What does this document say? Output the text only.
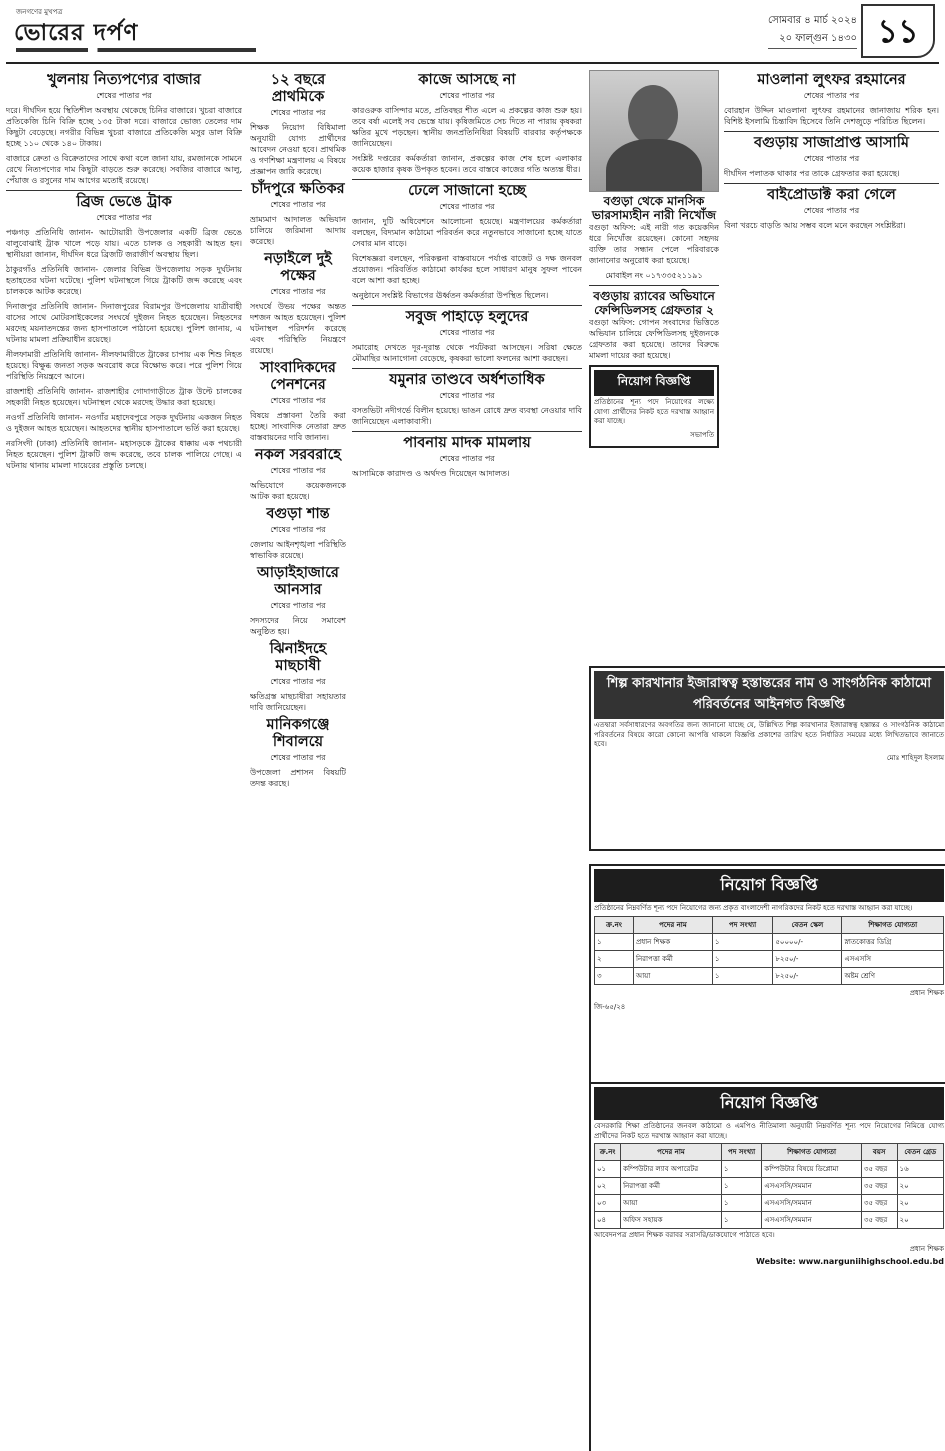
জনগণের মুখপত্র
ভোরের দর্পণ	সোমবার ৪ মার্চ ২০২৪
২০ ফাল্গুন ১৪৩০ ১১
খুলনায় নিত্যপণ্যের বাজার
শেষের পাতার পর

দরে। দীর্ঘদিন হয়ে স্থিতিশীল অবস্থায় থেকেছে চিনির বাজারে। খুচরা বাজারে প্রতিকেজি চিনি বিক্রি হচ্ছে ১৩৫ টাকা দরে। বাজারে ভোজ্য তেলের দাম কিছুটা বেড়েছে। নগরীর বিভিন্ন খুচরা বাজারে প্রতিকেজি মসুর ডাল বিক্রি হচ্ছে ১১০ থেকে ১৪০ টাকায়।

বাজারে ক্রেতা ও বিক্রেতাদের সাথে কথা বলে জানা যায়, রমজানকে সামনে রেখে নিত্যপণ্যের দাম কিছুটা বাড়তে শুরু করেছে। সবজির বাজারে আলু, পেঁয়াজ ও রসুনের দাম আগের মতোই রয়েছে।

ব্রিজ ভেঙে ট্রাক
শেষের পাতার পর

পঞ্চগড় প্রতিনিধি জানান- আটোয়ারী উপজেলার একটি ব্রিজ ভেঙে বালুবোঝাই ট্রাক খালে পড়ে যায়। এতে চালক ও সহকারী আহত হন। স্থানীয়রা জানান, দীর্ঘদিন ধরে ব্রিজটি জরাজীর্ণ অবস্থায় ছিল।

ঠাকুরগাঁও প্রতিনিধি জানান- জেলার বিভিন্ন উপজেলায় সড়ক দুর্ঘটনায় হতাহতের ঘটনা ঘটেছে। পুলিশ ঘটনাস্থলে গিয়ে ট্রাকটি জব্দ করেছে এবং চালককে আটক করেছে।

দিনাজপুর প্রতিনিধি জানান- দিনাজপুরের বিরামপুর উপজেলায় যাত্রীবাহী বাসের সাথে মোটরসাইকেলের সংঘর্ষে দুইজন নিহত হয়েছেন। নিহতদের মরদেহ ময়নাতদন্তের জন্য হাসপাতালে পাঠানো হয়েছে। পুলিশ জানায়, এ ঘটনায় মামলা প্রক্রিয়াধীন রয়েছে।

নীলফামারী প্রতিনিধি জানান- নীলফামারীতে ট্রাকের চাপায় এক শিশু নিহত হয়েছে। বিক্ষুব্ধ জনতা সড়ক অবরোধ করে বিক্ষোভ করে। পরে পুলিশ গিয়ে পরিস্থিতি নিয়ন্ত্রণে আনে।

রাজশাহী প্রতিনিধি জানান- রাজশাহীর গোদাগাড়ীতে ট্রাক উল্টে চালকের সহকারী নিহত হয়েছেন। ঘটনাস্থল থেকে মরদেহ উদ্ধার করা হয়েছে।

নওগাঁ প্রতিনিধি জানান- নওগাঁর মহাদেবপুরে সড়ক দুর্ঘটনায় একজন নিহত ও দুইজন আহত হয়েছেন। আহতদের স্থানীয় হাসপাতালে ভর্তি করা হয়েছে।

নরসিংদী (ঢাকা) প্রতিনিধি জানান- মহাসড়কে ট্রাকের ধাক্কায় এক পথচারী নিহত হয়েছেন। পুলিশ ট্রাকটি জব্দ করেছে, তবে চালক পালিয়ে গেছে। এ ঘটনায় থানায় মামলা দায়েরের প্রস্তুতি চলছে।

১২ বছরে প্রাথমিকে
শেষের পাতার পর

শিক্ষক নিয়োগ বিধিমালা অনুযায়ী যোগ্য প্রার্থীদের আবেদন নেওয়া হবে। প্রাথমিক ও গণশিক্ষা মন্ত্রণালয় এ বিষয়ে প্রজ্ঞাপন জারি করেছে।

চাঁদপুরে ক্ষতিকর
শেষের পাতার পর

ভ্রাম্যমাণ আদালত অভিযান চালিয়ে জরিমানা আদায় করেছে।

নড়াইলে দুই পক্ষের
শেষের পাতার পর

সংঘর্ষে উভয় পক্ষের অন্তত দশজন আহত হয়েছেন। পুলিশ ঘটনাস্থল পরিদর্শন করেছে এবং পরিস্থিতি নিয়ন্ত্রণে রয়েছে।

সাংবাদিকদের পেনশনের
শেষের পাতার পর

বিষয়ে প্রস্তাবনা তৈরি করা হচ্ছে। সাংবাদিক নেতারা দ্রুত বাস্তবায়নের দাবি জানান।

নকল সরবরাহে
শেষের পাতার পর

অভিযোগে কয়েকজনকে আটক করা হয়েছে।

বগুড়া শান্ত
শেষের পাতার পর

জেলায় আইনশৃঙ্খলা পরিস্থিতি স্বাভাবিক রয়েছে।

আড়াইহাজারে আনসার
শেষের পাতার পর

সদস্যদের নিয়ে সমাবেশ অনুষ্ঠিত হয়।

ঝিনাইদহে মাছচাষী
শেষের পাতার পর

ক্ষতিগ্রস্ত মাছচাষীরা সহায়তার দাবি জানিয়েছেন।

মানিকগঞ্জে শিবালয়ে
শেষের পাতার পর

উপজেলা প্রশাসন বিষয়টি তদন্ত করছে।

কাজে আসছে না
শেষের পাতার পর

কারওরুক বাসিন্দার মতে, প্রতিবছর শীত এলে এ প্রকল্পের কাজ শুরু হয়। তবে বর্ষা এলেই সব ভেস্তে যায়। কৃষিজমিতে সেচ দিতে না পারায় কৃষকরা ক্ষতির মুখে পড়ছেন। স্থানীয় জনপ্রতিনিধিরা বিষয়টি বারবার কর্তৃপক্ষকে জানিয়েছেন।

সংশ্লিষ্ট দপ্তরের কর্মকর্তারা জানান, প্রকল্পের কাজ শেষ হলে এলাকার কয়েক হাজার কৃষক উপকৃত হবেন। তবে বাস্তবে কাজের গতি অত্যন্ত ধীর।

ঢেলে সাজানো হচ্ছে
শেষের পাতার পর

জানান, দুটি অধিবেশনে আলোচনা হয়েছে। মন্ত্রণালয়ের কর্মকর্তারা বলছেন, বিদ্যমান কাঠামো পরিবর্তন করে নতুনভাবে সাজানো হচ্ছে যাতে সেবার মান বাড়ে।

বিশেষজ্ঞরা বলছেন, পরিকল্পনা বাস্তবায়নে পর্যাপ্ত বাজেট ও দক্ষ জনবল প্রয়োজন। পরিবর্তিত কাঠামো কার্যকর হলে সাধারণ মানুষ সুফল পাবেন বলে আশা করা হচ্ছে।

অনুষ্ঠানে সংশ্লিষ্ট বিভাগের ঊর্ধ্বতন কর্মকর্তারা উপস্থিত ছিলেন।

সবুজ পাহাড়ে হলুদের
শেষের পাতার পর

সমারোহ দেখতে দূর-দূরান্ত থেকে পর্যটকরা আসছেন। সরিষা ক্ষেতে মৌমাছির আনাগোনা বেড়েছে, কৃষকরা ভালো ফলনের আশা করছেন।

যমুনার তাণ্ডবে অর্ধশতাধিক
শেষের পাতার পর

বসতভিটা নদীগর্ভে বিলীন হয়েছে। ভাঙন রোধে দ্রুত ব্যবস্থা নেওয়ার দাবি জানিয়েছেন এলাকাবাসী।

পাবনায় মাদক মামলায়
শেষের পাতার পর

আসামিকে কারাদণ্ড ও অর্থদণ্ড দিয়েছেন আদালত।

বগুড়া থেকে মানসিক ভারসাম্যহীন নারী নিখোঁজ

বগুড়া অফিস: এই নারী গত কয়েকদিন ধরে নিখোঁজ রয়েছেন। কোনো সহৃদয় ব্যক্তি তার সন্ধান পেলে পরিবারকে জানানোর অনুরোধ করা হয়েছে।

মোবাইল নং ০১৭৩৩৫২১১৯১

বগুড়ায় র‍্যাবের অভিযানে ফেন্সিডিলসহ গ্রেফতার ২

বগুড়া অফিস: গোপন সংবাদের ভিত্তিতে অভিযান চালিয়ে ফেন্সিডিলসহ দুইজনকে গ্রেফতার করা হয়েছে। তাদের বিরুদ্ধে মামলা দায়ের করা হয়েছে।

নিয়োগ বিজ্ঞপ্তি

প্রতিষ্ঠানের শূন্য পদে নিয়োগের লক্ষ্যে যোগ্য প্রার্থীদের নিকট হতে দরখাস্ত আহ্বান করা যাচ্ছে।

সভাপতি

মাওলানা লুৎফর রহমানের
শেষের পাতার পর

বোরহান উদ্দিন মাওলানা লুৎফর রহমানের জানাজায় শরিক হন। বিশিষ্ট ইসলামি চিন্তাবিদ হিসেবে তিনি দেশজুড়ে পরিচিত ছিলেন।

বগুড়ায় সাজাপ্রাপ্ত আসামি
শেষের পাতার পর

দীর্ঘদিন পলাতক থাকার পর তাকে গ্রেফতার করা হয়েছে।

বাইপ্রোডাক্ট করা গেলে
শেষের পাতার পর

বিনা খরচে বাড়তি আয় সম্ভব বলে মনে করছেন সংশ্লিষ্টরা।

শিল্প কারখানার ইজারাস্বত্ব হস্তান্তরের নাম ও সাংগঠনিক কাঠামো পরিবর্তনের আইনগত বিজ্ঞপ্তি

এতদ্বারা সর্বসাধারণের অবগতির জন্য জানানো যাচ্ছে যে, উল্লিখিত শিল্প কারখানার ইজারাস্বত্ব হস্তান্তর ও সাংগঠনিক কাঠামো পরিবর্তনের বিষয়ে কারো কোনো আপত্তি থাকলে বিজ্ঞপ্তি প্রকাশের তারিখ হতে নির্ধারিত সময়ের মধ্যে লিখিতভাবে জানাতে হবে।

মোঃ শাহিদুল ইসলাম

নিয়োগ বিজ্ঞপ্তি

প্রতিষ্ঠানের নিম্নবর্ণিত শূন্য পদে নিয়োগের জন্য প্রকৃত বাংলাদেশী নাগরিকদের নিকট হতে দরখাস্ত আহ্বান করা যাচ্ছে।

ক্র.নং	পদের নাম	পদ সংখ্যা	বেতন স্কেল	শিক্ষাগত যোগ্যতা
১	প্রধান শিক্ষক	১	৫০০০০/-	স্নাতকোত্তর ডিগ্রি
২	নিরাপত্তা কর্মী	১	৮২৫০/-	এসএসসি
৩	আয়া	১	৮২৫০/-	অষ্টম শ্রেণি

প্রধান শিক্ষক

জি-৬৫/২৪
নিয়োগ বিজ্ঞপ্তি

বেসরকারি শিক্ষা প্রতিষ্ঠানের জনবল কাঠামো ও এমপিও নীতিমালা অনুযায়ী নিম্নবর্ণিত শূন্য পদে নিয়োগের নিমিত্তে যোগ্য প্রার্থীদের নিকট হতে দরখাস্ত আহ্বান করা যাচ্ছে।

ক্র.নং	পদের নাম	পদ সংখ্যা	শিক্ষাগত যোগ্যতা	বয়স	বেতন গ্রেড
০১	কম্পিউটার ল্যাব অপারেটর	১	কম্পিউটার বিষয়ে ডিপ্লোমা	৩৫ বছর	১৬
০২	নিরাপত্তা কর্মী	১	এসএসসি/সমমান	৩৫ বছর	২০
০৩	আয়া	১	এসএসসি/সমমান	৩৫ বছর	২০
০৪	অফিস সহায়ক	১	এসএসসি/সমমান	৩৫ বছর	২০

আবেদনপত্র প্রধান শিক্ষক বরাবর সরাসরি/ডাকযোগে পাঠাতে হবে।

প্রধান শিক্ষক

Website: www.narguniihighschool.edu.bd
